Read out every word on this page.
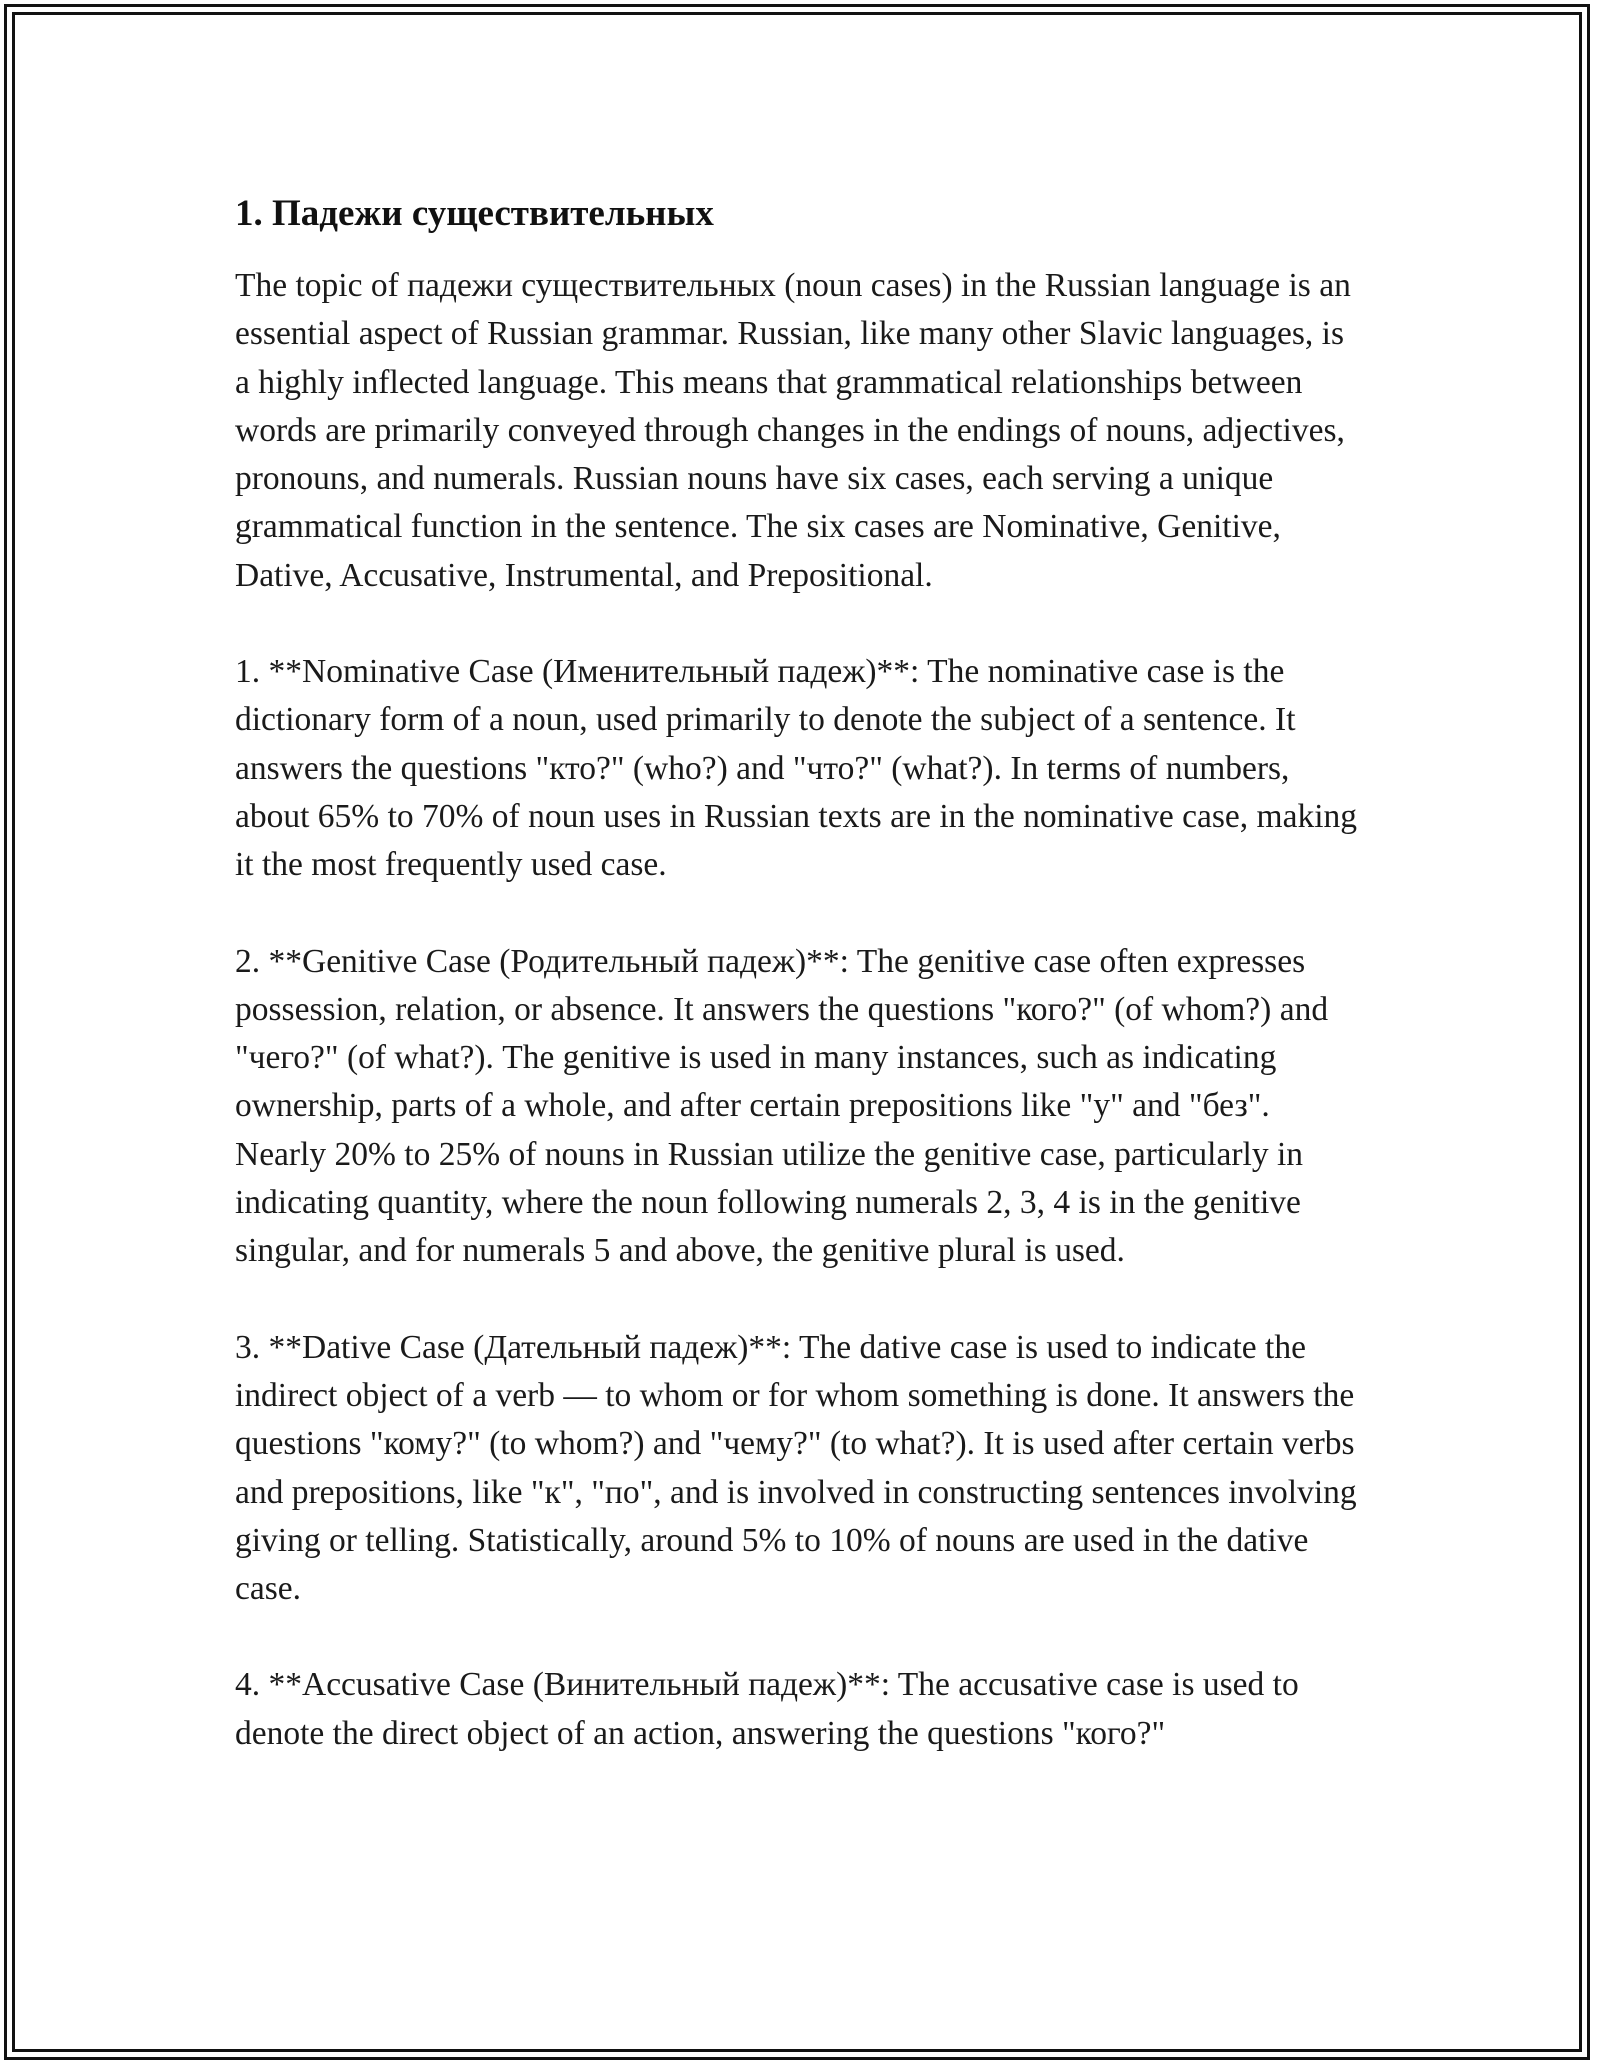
1. Падежи существительных

The topic of падежи существительных (noun cases) in the Russian language is an essential aspect of Russian grammar. Russian, like many other Slavic languages, is a highly inflected language. This means that grammatical relationships between words are primarily conveyed through changes in the endings of nouns, adjectives, pronouns, and numerals. Russian nouns have six cases, each serving a unique grammatical function in the sentence. The six cases are Nominative, Genitive, Dative, Accusative, Instrumental, and Prepositional.

1. **Nominative Case (Именительный падеж)**: The nominative case is the dictionary form of a noun, used primarily to denote the subject of a sentence. It answers the questions "кто?" (who?) and "что?" (what?). In terms of numbers, about 65% to 70% of noun uses in Russian texts are in the nominative case, making it the most frequently used case.

2. **Genitive Case (Родительный падеж)**: The genitive case often expresses possession, relation, or absence. It answers the questions "кого?" (of whom?) and "чего?" (of what?). The genitive is used in many instances, such as indicating ownership, parts of a whole, and after certain prepositions like "у" and "без". Nearly 20% to 25% of nouns in Russian utilize the genitive case, particularly in indicating quantity, where the noun following numerals 2, 3, 4 is in the genitive singular, and for numerals 5 and above, the genitive plural is used.

3. **Dative Case (Дательный падеж)**: The dative case is used to indicate the indirect object of a verb — to whom or for whom something is done. It answers the questions "кому?" (to whom?) and "чему?" (to what?). It is used after certain verbs and prepositions, like "к", "по", and is involved in constructing sentences involving giving or telling. Statistically, around 5% to 10% of nouns are used in the dative case.

4. **Accusative Case (Винительный падеж)**: The accusative case is used to denote the direct object of an action, answering the questions "кого?"
